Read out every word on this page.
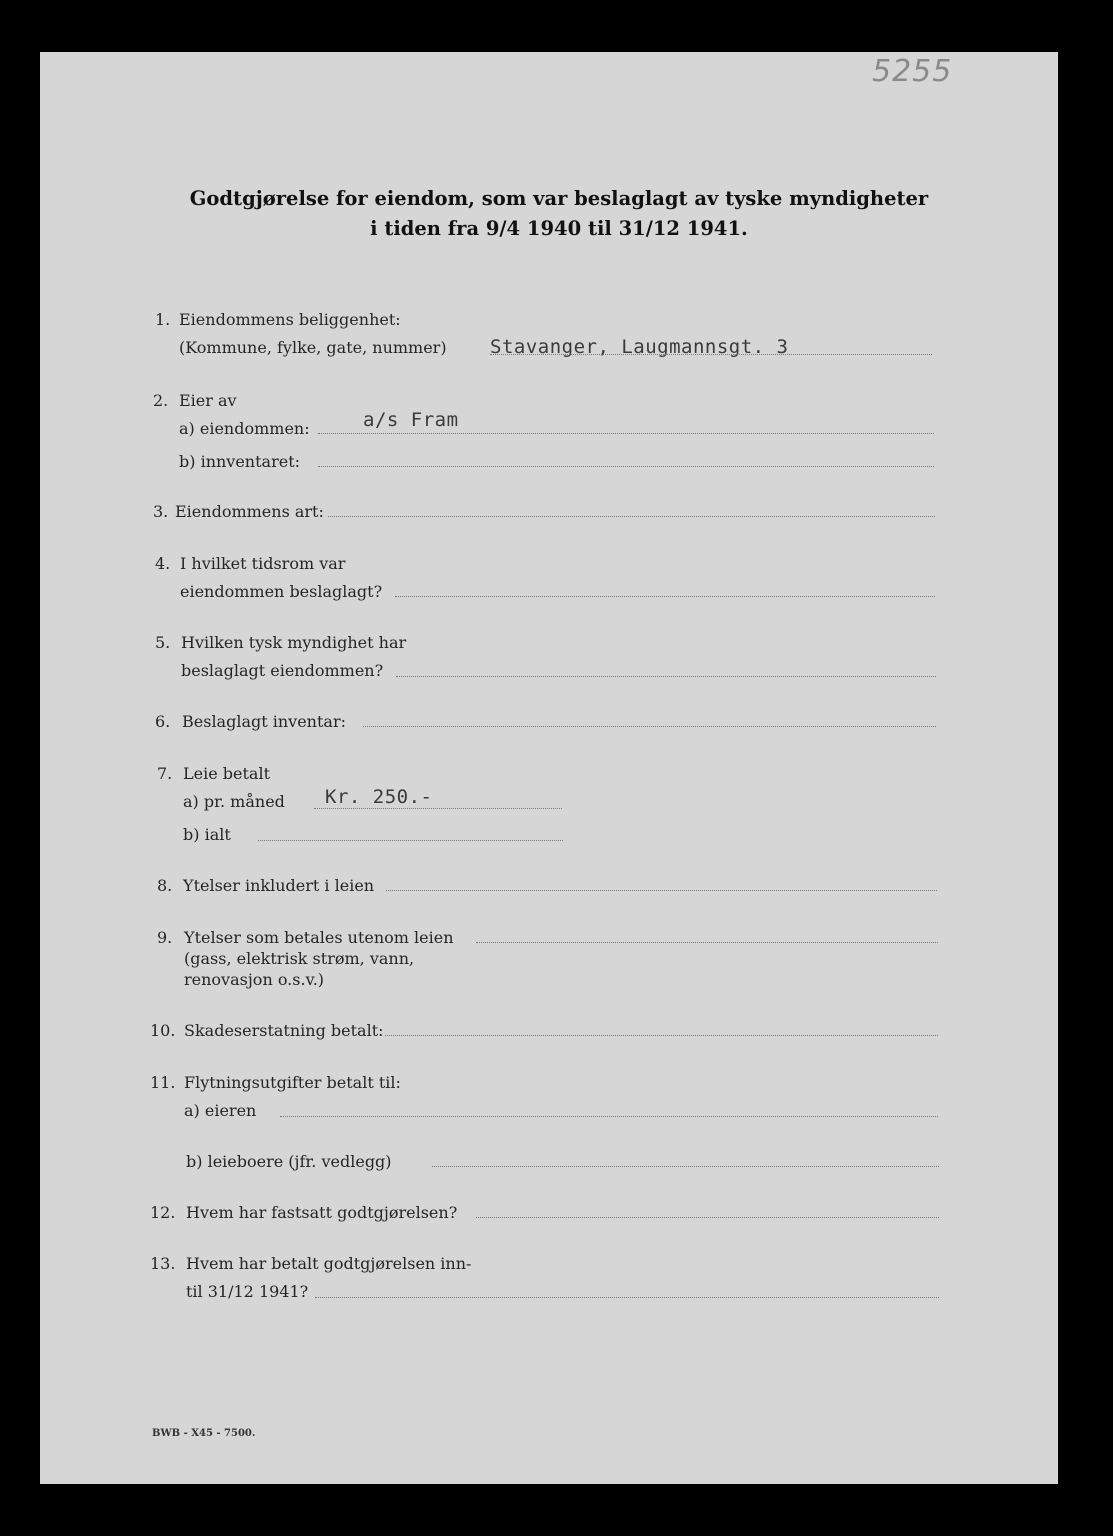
5255
Godtgjørelse for eiendom, som var beslaglagt av tyske myndigheter
i tiden fra 9/4 1940 til 31/12 1941.
1. Eiendommens beliggenhet:
(Kommune, fylke, gate, nummer) Stavanger, Laugmannsgt. 3
2. Eier av
a) eiendommen:	a/s Fram
b) innventaret:
3. Eiendommens art:
4. I hvilket tidsrom var
eiendommen beslaglagt?
5. Hvilken tysk myndighet har
beslaglagt eiendommen?
6. Beslaglagt inventar:
7. Leie betalt
a) pr. måned Kr. 250.-
b) ialt
8. Ytelser inkludert i leien
9. Ytelser som betales utenom leien
(gass, elektrisk strøm, vann,
renovasjon o.s.v.)
10. Skadeserstatning betalt:
11. Flytningsutgifter betalt til:
a) eieren
b) leieboere (jfr. vedlegg)
12. Hvem har fastsatt godtgjørelsen?
13. Hvem har betalt godtgjørelsen inn-
til 31/12 1941?
BWB - X45 - 7500.
